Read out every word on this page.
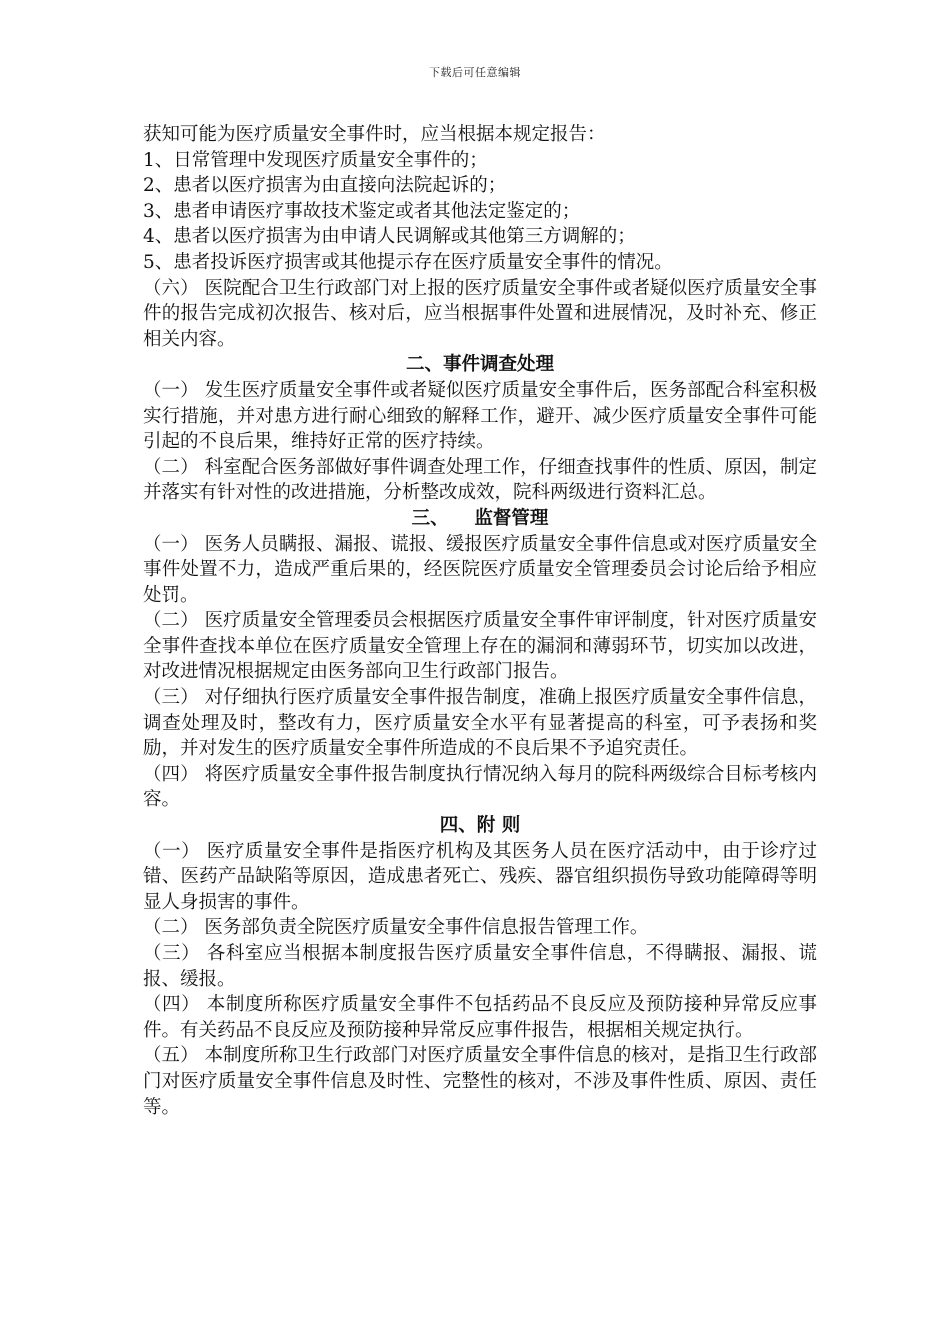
下载后可任意编辑
获知可能为医疗质量安全事件时，应当根据本规定报告：
1、日常管理中发现医疗质量安全事件的；
2、患者以医疗损害为由直接向法院起诉的；
3、患者申请医疗事故技术鉴定或者其他法定鉴定的；
4、患者以医疗损害为由申请人民调解或其他第三方调解的；
5、患者投诉医疗损害或其他提示存在医疗质量安全事件的情况。
（六） 医院配合卫生行政部门对上报的医疗质量安全事件或者疑似医疗质量安全事件的报告完成初次报告、核对后，应当根据事件处置和进展情况，及时补充、修正相关内容。
二、事件调查处理
（一） 发生医疗质量安全事件或者疑似医疗质量安全事件后，医务部配合科室积极实行措施，并对患方进行耐心细致的解释工作，避开、减少医疗质量安全事件可能引起的不良后果，维持好正常的医疗持续。
（二） 科室配合医务部做好事件调查处理工作，仔细查找事件的性质、原因，制定并落实有针对性的改进措施，分析整改成效，院科两级进行资料汇总。
三、    监督管理
（一） 医务人员瞒报、漏报、谎报、缓报医疗质量安全事件信息或对医疗质量安全事件处置不力，造成严重后果的，经医院医疗质量安全管理委员会讨论后给予相应处罚。
（二） 医疗质量安全管理委员会根据医疗质量安全事件审评制度，针对医疗质量安全事件查找本单位在医疗质量安全管理上存在的漏洞和薄弱环节，切实加以改进，对改进情况根据规定由医务部向卫生行政部门报告。
（三） 对仔细执行医疗质量安全事件报告制度，准确上报医疗质量安全事件信息，调查处理及时，整改有力，医疗质量安全水平有显著提高的科室，可予表扬和奖励，并对发生的医疗质量安全事件所造成的不良后果不予追究责任。
（四） 将医疗质量安全事件报告制度执行情况纳入每月的院科两级综合目标考核内容。
四、附 则
（一） 医疗质量安全事件是指医疗机构及其医务人员在医疗活动中，由于诊疗过错、医药产品缺陷等原因，造成患者死亡、残疾、器官组织损伤导致功能障碍等明显人身损害的事件。
（二） 医务部负责全院医疗质量安全事件信息报告管理工作。
（三） 各科室应当根据本制度报告医疗质量安全事件信息，不得瞒报、漏报、谎报、缓报。
（四） 本制度所称医疗质量安全事件不包括药品不良反应及预防接种异常反应事件。有关药品不良反应及预防接种异常反应事件报告，根据相关规定执行。
（五） 本制度所称卫生行政部门对医疗质量安全事件信息的核对，是指卫生行政部门对医疗质量安全事件信息及时性、完整性的核对，不涉及事件性质、原因、责任等。
